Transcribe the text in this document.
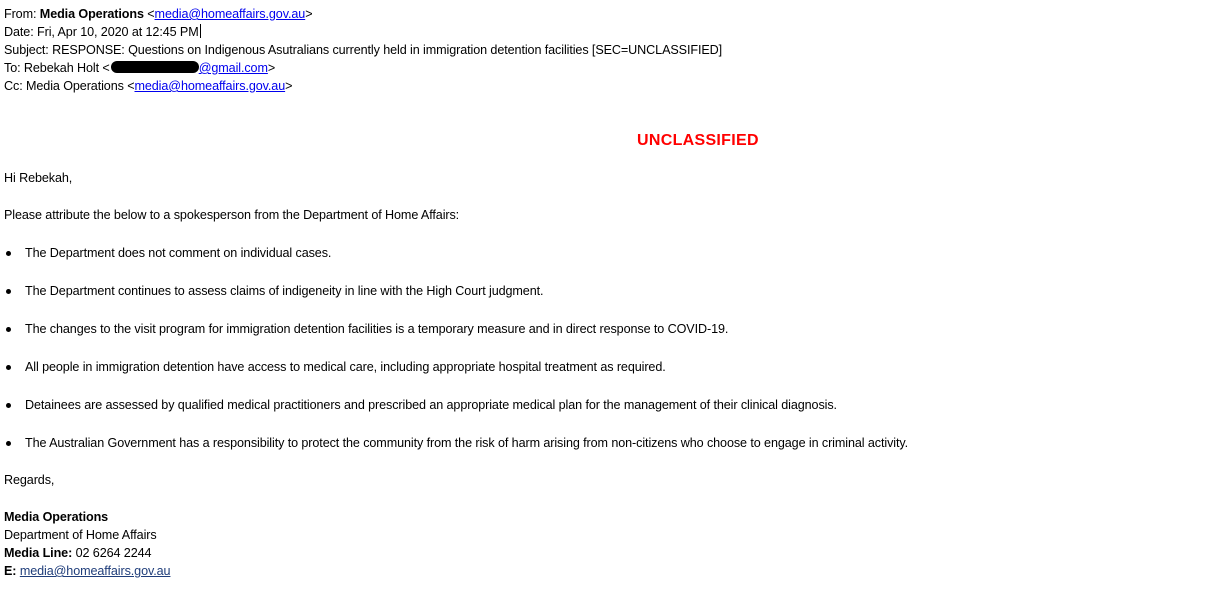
From: Media Operations <media@homeaffairs.gov.au>
Date: Fri, Apr 10, 2020 at 12:45 PM
Subject: RESPONSE: Questions on Indigenous Asutralians currently held in immigration detention facilities [SEC=UNCLASSIFIED]
To: Rebekah Holt <	@gmail.com>
Cc: Media Operations <media@homeaffairs.gov.au>
UNCLASSIFIED
Hi Rebekah,
Please attribute the below to a spokesperson from the Department of Home Affairs:
The Department does not comment on individual cases.
The Department continues to assess claims of indigeneity in line with the High Court judgment.
The changes to the visit program for immigration detention facilities is a temporary measure and in direct response to COVID-19.
All people in immigration detention have access to medical care, including appropriate hospital treatment as required.
Detainees are assessed by qualified medical practitioners and prescribed an appropriate medical plan for the management of their clinical diagnosis.
The Australian Government has a responsibility to protect the community from the risk of harm arising from non-citizens who choose to engage in criminal activity.
Regards,
Media Operations
Department of Home Affairs
Media Line: 02 6264 2244
E: media@homeaffairs.gov.au
